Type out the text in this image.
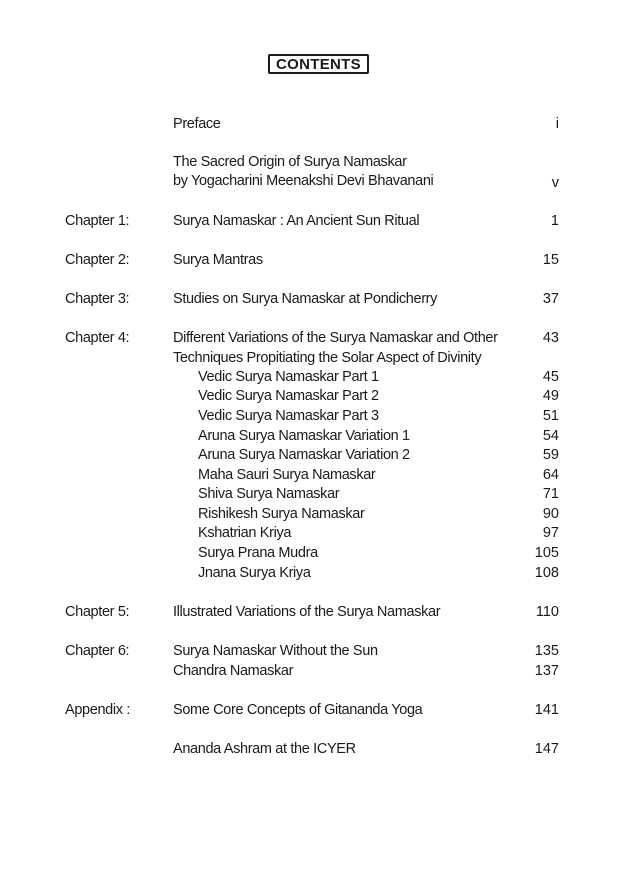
CONTENTS
Preface	i
The Sacred Origin of Surya Namaskar
by Yogacharini Meenakshi Devi Bhavanani	v
Chapter 1:	Surya Namaskar : An Ancient Sun Ritual	1
Chapter 2:	Surya Mantras	15
Chapter 3:	Studies on Surya Namaskar at Pondicherry	37
Chapter 4:	Different Variations of the Surya Namaskar and Other	43
Techniques Propitiating the Solar Aspect of Divinity
Vedic Surya Namaskar Part 1	45
Vedic Surya Namaskar Part 2	49
Vedic Surya Namaskar Part 3	51
Aruna Surya Namaskar Variation 1	54
Aruna Surya Namaskar Variation 2	59
Maha Sauri Surya Namaskar	64
Shiva Surya Namaskar	71
Rishikesh Surya Namaskar	90
Kshatrian Kriya	97
Surya Prana Mudra	105
Jnana Surya Kriya	108
Chapter 5:	Illustrated Variations of the Surya Namaskar	110
Chapter 6:	Surya Namaskar Without the Sun	135
Chandra Namaskar	137
Appendix :	Some Core Concepts of Gitananda Yoga	141
Ananda Ashram at the ICYER	147
